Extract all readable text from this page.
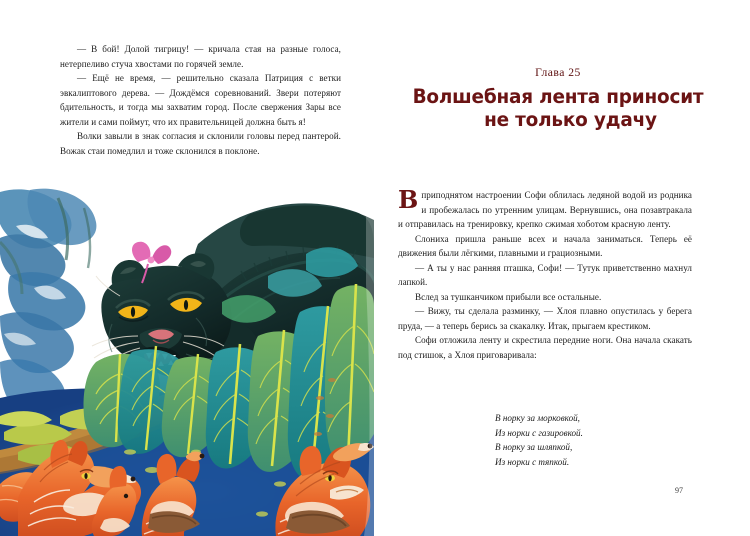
— В бой! Долой тигрицу! — кричала стая на разные голоса, нетерпеливо стуча хвостами по горячей земле.

— Ещё не время, — решительно сказала Патриция с ветки эвкалиптового дерева. — Дождёмся соревнований. Звери потеряют бдительность, и тогда мы захватим город. После свержения Зары все жители и сами поймут, что их правительницей должна быть я!

Волки завыли в знак согласия и склонили головы перед пантерой. Вожак стаи помедлил и тоже склонился в поклоне.

Глава 25
Волшебная лента приносит
не только удачу

Вприподнятом настроении Софи облилась ледяной водой из родника и пробежалась по утренним улицам. Вернувшись, она позавтракала и отправилась на тренировку, крепко сжимая хоботом красную ленту.

Слониха пришла раньше всех и начала заниматься. Теперь её движения были лёгкими, плавными и грациозными.

— А ты у нас ранняя пташка, Софи! — Тутук приветственно махнул лапкой.

Вслед за тушканчиком прибыли все остальные.

— Вижу, ты сделала разминку, — Хлоя плавно опустилась у берега пруда, — а теперь берись за скакалку. Итак, прыгаем крестиком.

Софи отложила ленту и скрестила передние ноги. Она начала скакать под стишок, а Хлоя приговаривала:

В норку за морковкой,
Из норки с газировкой.
В норку за шляпкой,
Из норки с тяпкой.
97
